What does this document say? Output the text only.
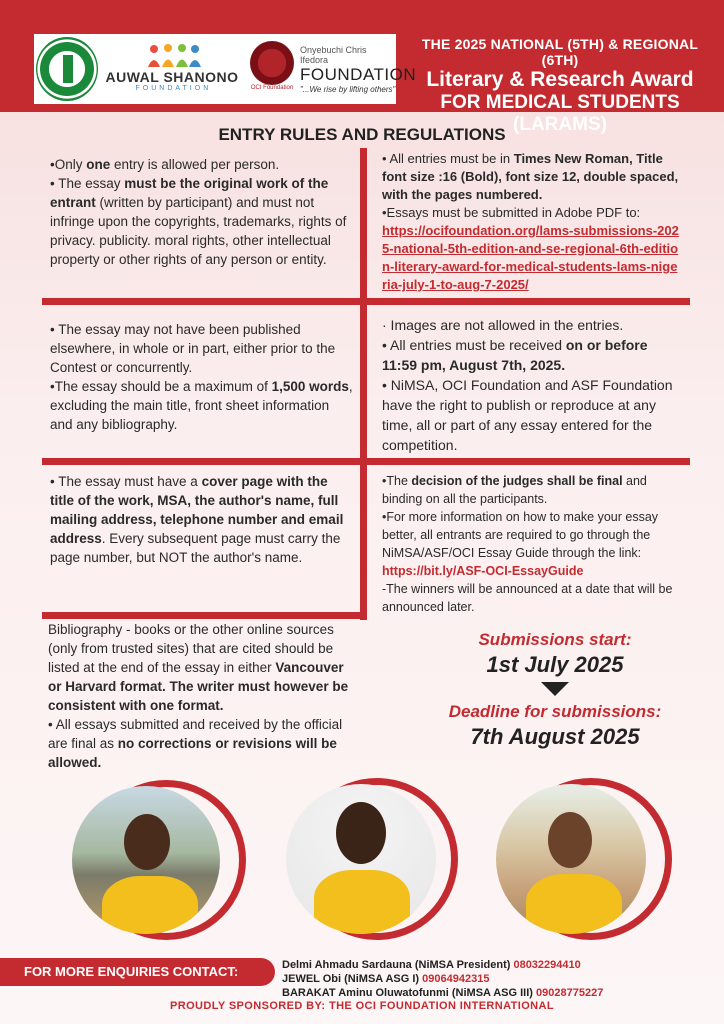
AUWAL SHANONO
FOUNDATION	OCI Foundation
Onyebuchi Chris Ifedora
FOUNDATION
"...We rise by lifting others"
THE 2025 NATIONAL (5TH) & REGIONAL (6TH)
Literary & Research Award
FOR MEDICAL STUDENTS (LARAMS)
ENTRY RULES AND REGULATIONS
•Only one entry is allowed per person.
• The essay must be the original work of the entrant (written by participant) and must not infringe upon the copyrights, trademarks, rights of privacy. publicity. moral rights, other intellectual property or other rights of any person or entity.
• All entries must be in Times New Roman, Title font size :16 (Bold), font size 12, double spaced, with the pages numbered.
•Essays must be submitted in Adobe PDF to:
https://ocifoundation.org/lams-submissions-2025-national-5th-edition-and-se-regional-6th-edition-literary-award-for-medical-students-lams-nigeria-july-1-to-aug-7-2025/
• The essay may not have been published elsewhere, in whole or in part, either prior to the Contest or concurrently.
•The essay should be a maximum of 1,500 words, excluding the main title, front sheet information and any bibliography.
· Images are not allowed in the entries.
• All entries must be received on or before 11:59 pm, August 7th, 2025.
• NiMSA, OCI Foundation and ASF Foundation have the right to publish or reproduce at any time, all or part of any essay entered for the competition.
• The essay must have a cover page with the title of the work, MSA, the author's name, full mailing address, telephone number and email address. Every subsequent page must carry the page number, but NOT the author's name.
•The decision of the judges shall be final and binding on all the participants.
•For more information on how to make your essay better, all entrants are required to go through the NiMSA/ASF/OCI Essay Guide through the link: https://bit.ly/ASF-OCI-EssayGuide
-The winners will be announced at a date that will be announced later.
Bibliography - books or the other online sources (only from trusted sites) that are cited should be listed at the end of the essay in either Vancouver or Harvard format. The writer must however be consistent with one format.
• All essays submitted and received by the official are final as no corrections or revisions will be allowed.
Submissions start:
1st July 2025
Deadline for submissions:
7th August 2025
FOR MORE ENQUIRIES CONTACT:	Delmi Ahmadu Sardauna (NiMSA President) 08032294410
JEWEL Obi (NiMSA ASG I) 09064942315
BARAKAT Aminu Oluwatofunmi (NiMSA ASG III) 09028775227
PROUDLY SPONSORED BY: THE OCI FOUNDATION INTERNATIONAL
